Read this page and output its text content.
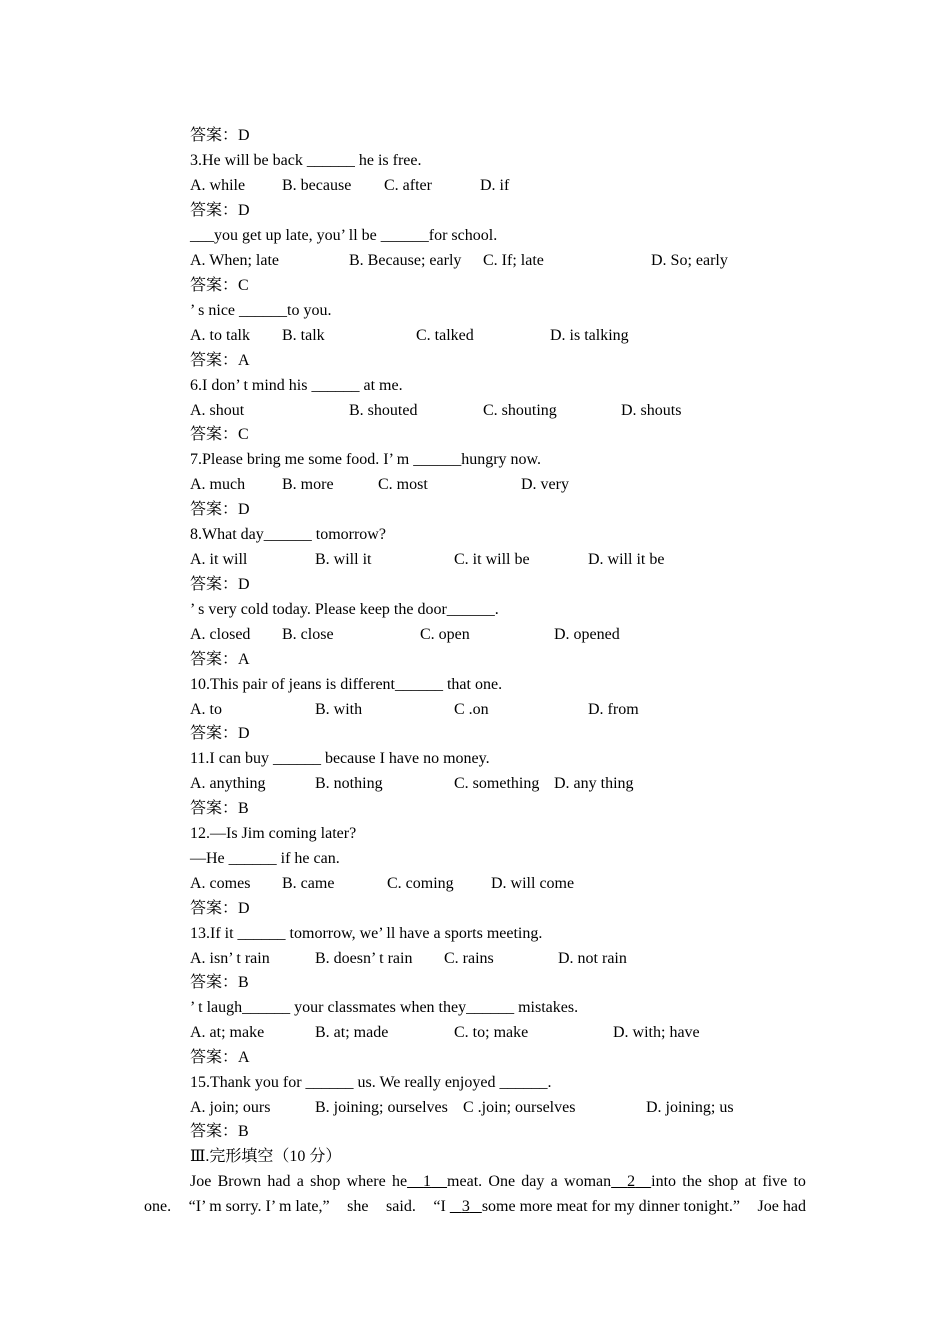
答案：D
3.He will be back ______ he is free.
A. while B. because C. after	D. if
答案：D
___you get up late, you’ ll be ______for school.
A. When; late	B. Because; early C. If; late	D. So; early
答案：C
’ s nice ______to you.
A. to talk B. talk	C. talked	D. is talking
答案：A
6.I don’ t mind his ______ at me.
A. shout	B. shouted	C. shouting	D. shouts
答案：C
7.Please bring me some food. I’ m ______hungry now.
A. much B. more	C. most	D. very
答案：D
8.What day______ tomorrow?
A. it will	B. will it	C. it will be	D. will it be
答案：D
’ s very cold today. Please keep the door______.
A. closed B. close	C. open	D. opened
答案：A
10.This pair of jeans is different______ that one.
A. to	B. with	C .on	D. from
答案：D
11.I can buy ______ because I have no money.
A. anything	B. nothing	C. something D. any thing
答案：B
12.—Is Jim coming later?
—He ______ if he can.
A. comes B. came	C. coming D. will come
答案：D
13.If it ______ tomorrow, we’ ll have a sports meeting.
A. isn’ t rain	B. doesn’ t rain C. rains	D. not rain
答案：B
’ t laugh______ your classmates when they______ mistakes.
A. at; make	B. at; made	C. to; make	D. with; have
答案：A
15.Thank you for ______ us. We really enjoyed ______.
A. join; ours	B. joining; ourselves C .join; ourselves	D. joining; us
答案：B
Ⅲ.完形填空（10 分）
Joe Brown had a shop where he 1 meat. One day a woman 2 into the shop at five to
one. “I’ m sorry. I’ m late,” she said. “I 3 some more meat for my dinner tonight.” Joe had
